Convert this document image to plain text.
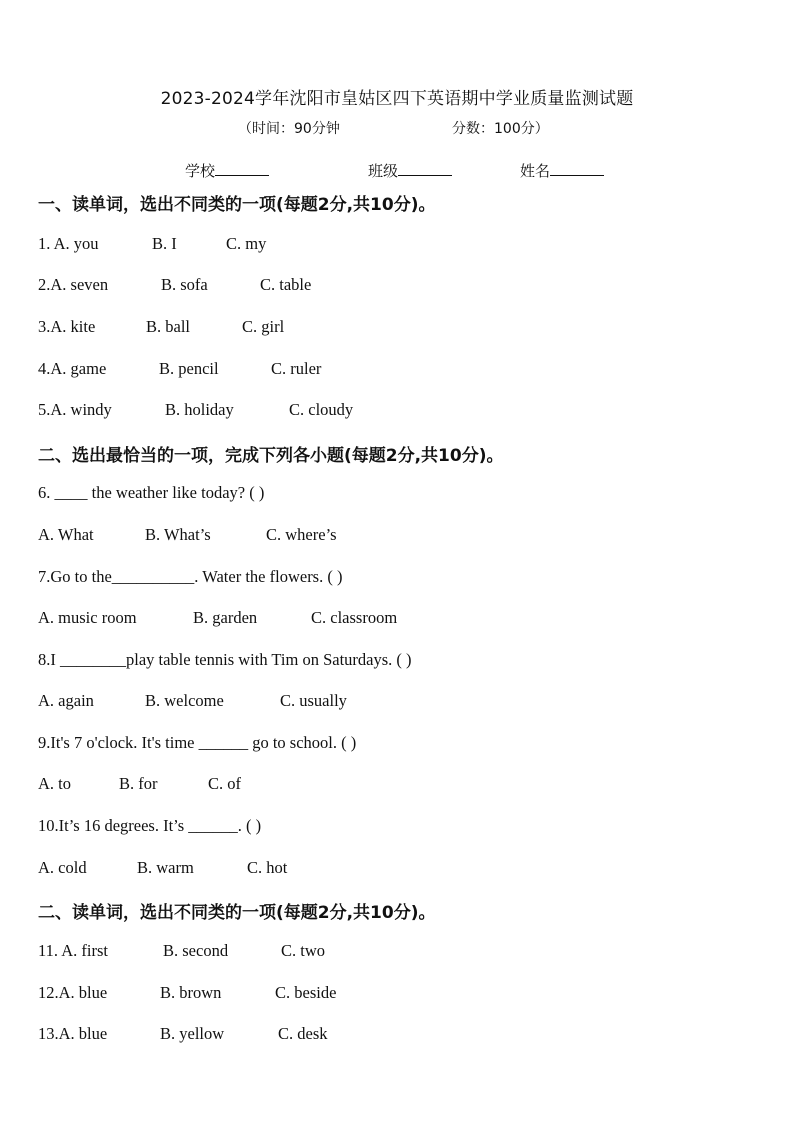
2023-2024学年沈阳市皇姑区四下英语期中学业质量监测试题
（时间：90分钟	分数：100分）
学校	班级	姓名
一、读单词，选出不同类的一项(每题2分,共10分)。
1. A. you	B. I	C. my
2.A. seven	B. sofa	C. table
3.A. kite	B. ball	C. girl
4.A. game	B. pencil	C. ruler
5.A. windy	B. holiday	C. cloudy
二、选出最恰当的一项，完成下列各小题(每题2分,共10分)。
6. ____ the weather like today? ( )
A. What	B. What’s	C. where’s
7.Go to the__________. Water the flowers. ( )
A. music room	B. garden	C. classroom
8.I ________play table tennis with Tim on Saturdays. ( )
A. again	B. welcome	C. usually
9.It's 7 o'clock. It's time ______ go to school. ( )
A. to	B. for	C. of
10.It’s 16 degrees. It’s ______. ( )
A. cold	B. warm	C. hot
二、读单词，选出不同类的一项(每题2分,共10分)。
11. A. first	B. second	C. two
12.A. blue	B. brown	C. beside
13.A. blue	B. yellow	C. desk
